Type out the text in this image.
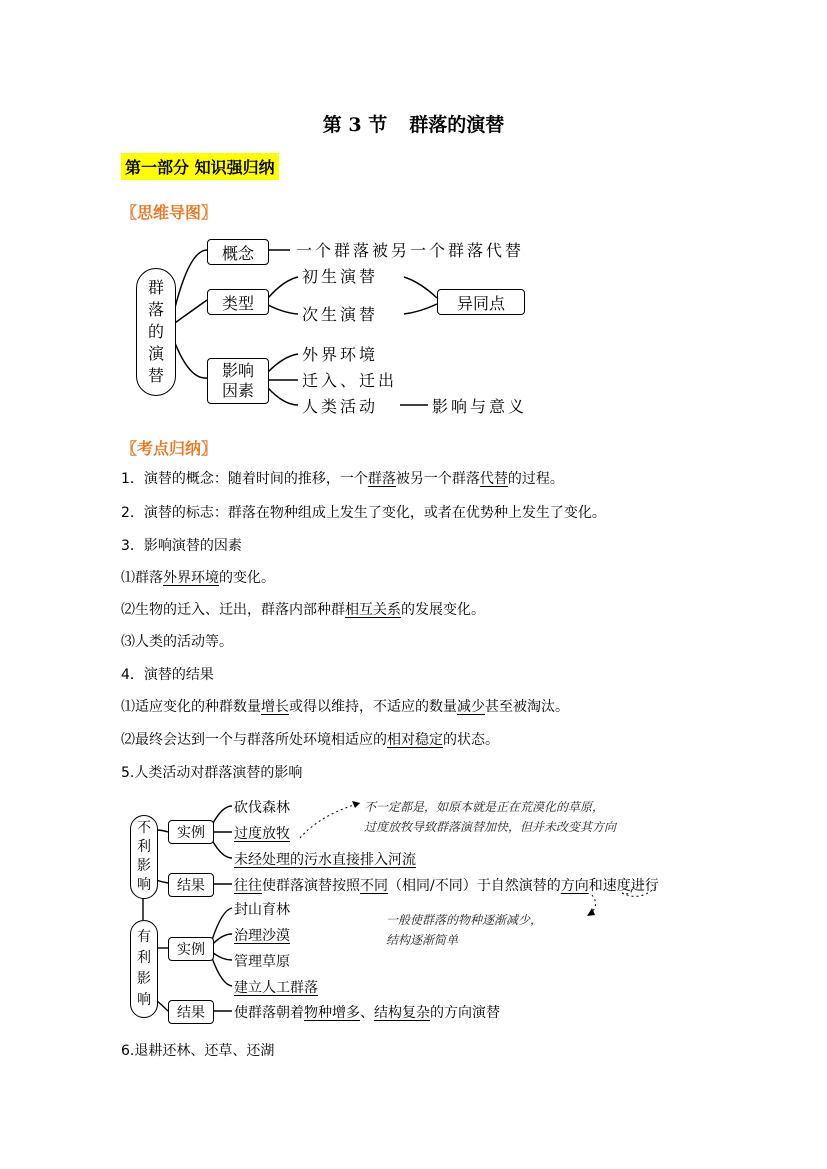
第 3 节 群落的演替
第一部分 知识强归纳
〖思维导图〗
群落的演替
概念	一个群落被另一个群落代替
类型
初生演替
次生演替
异同点
影响
因素
外界环境
迁入、迁出
人类活动	影响与意义
〖考点归纳〗
1．演替的概念：随着时间的推移，一个群落被另一个群落代替的过程。
2．演替的标志：群落在物种组成上发生了变化，或者在优势种上发生了变化。
3．影响演替的因素
⑴群落外界环境的变化。
⑵生物的迁入、迁出，群落内部种群相互关系的发展变化。
⑶人类的活动等。
4．演替的结果
⑴适应变化的种群数量增长或得以维持，不适应的数量减少甚至被淘汰。
⑵最终会达到一个与群落所处环境相适应的相对稳定的状态。
5.人类活动对群落演替的影响
不利影响
实例
结果
砍伐森林
过度放牧
未经处理的污水直接排入河流
往往使群落演替按照不同（相同/不同）于自然演替的方向和速度进行
不一定都是，如原本就是正在荒漠化的草原，
过度放牧导致群落演替加快，但并未改变其方向
一般使群落的物种逐渐减少，
结构逐渐简单
有利影响
实例
结果
封山育林
治理沙漠
管理草原
建立人工群落
使群落朝着物种增多、结构复杂的方向演替
6.退耕还林、还草、还湖
